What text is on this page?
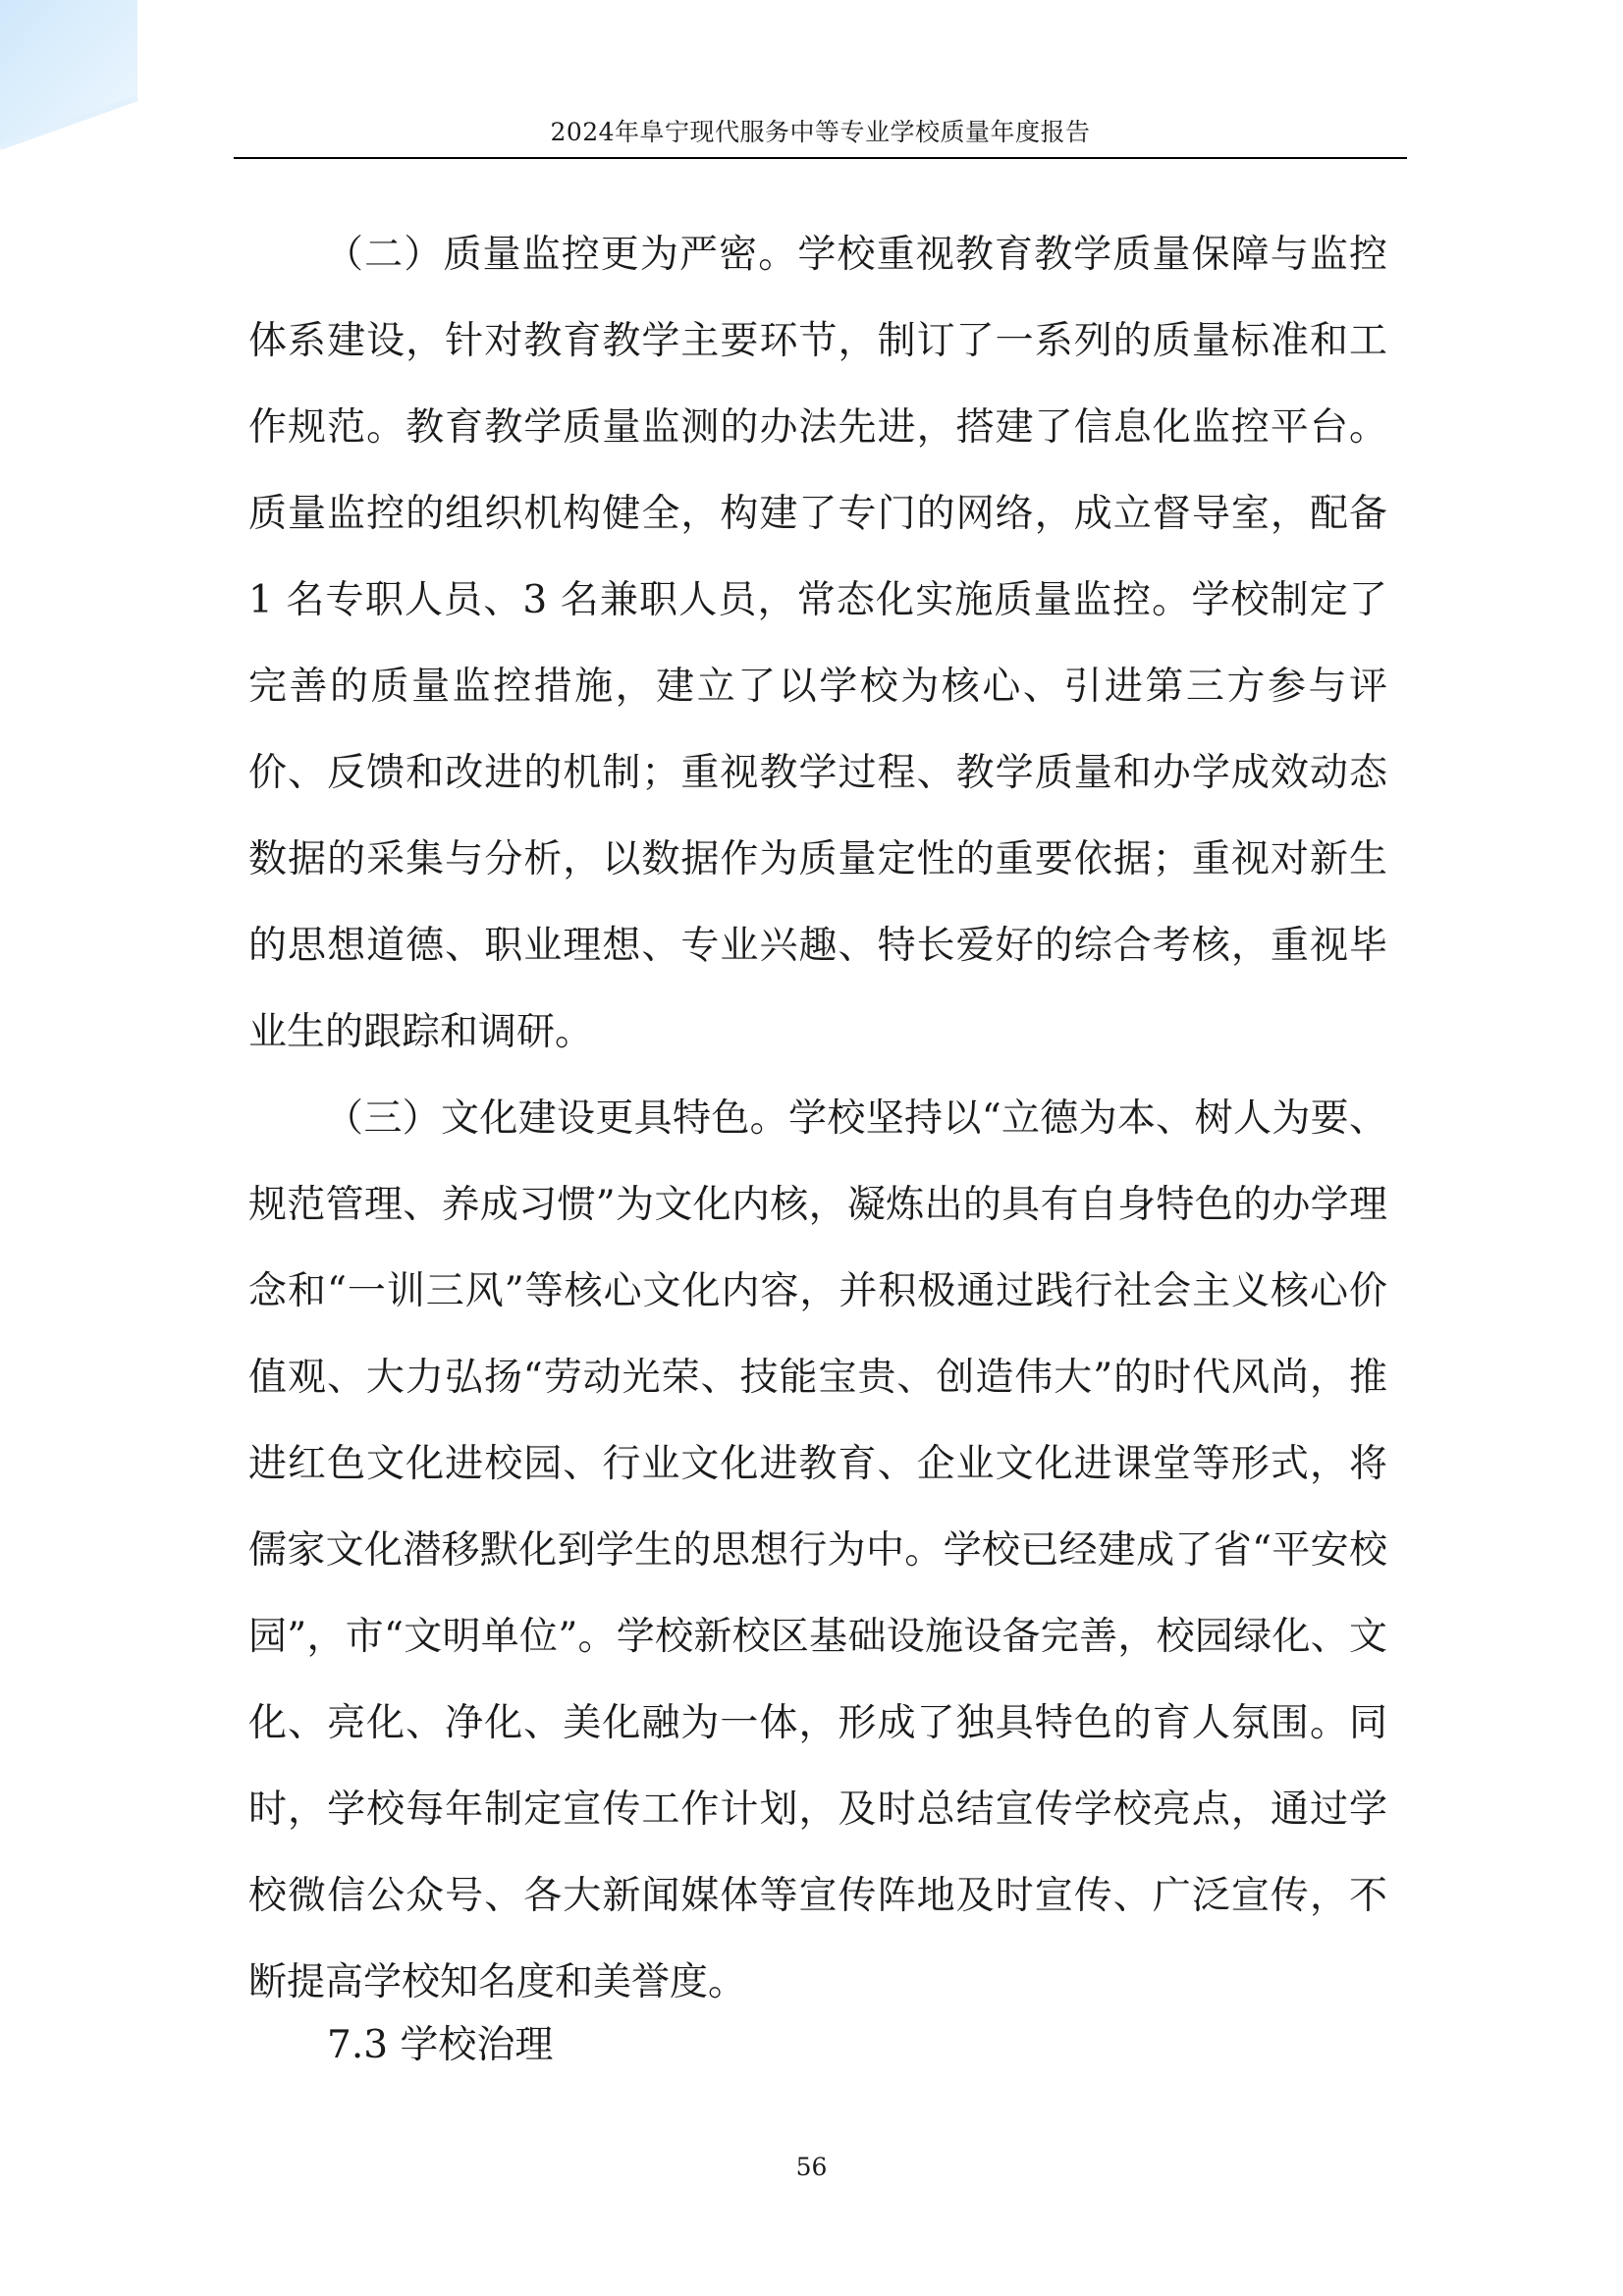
2024年阜宁现代服务中等专业学校质量年度报告

（二）质量监控更为严密。学校重视教育教学质量保障与监控体系建设，针对教育教学主要环节，制订了一系列的质量标准和工作规范。教育教学质量监测的办法先进，搭建了信息化监控平台。质量监控的组织机构健全，构建了专门的网络，成立督导室，配备 1 名专职人员、3 名兼职人员，常态化实施质量监控。学校制定了完善的质量监控措施，建立了以学校为核心、引进第三方参与评价、反馈和改进的机制；重视教学过程、教学质量和办学成效动态数据的采集与分析，以数据作为质量定性的重要依据；重视对新生的思想道德、职业理想、专业兴趣、特长爱好的综合考核，重视毕业生的跟踪和调研。

（三）文化建设更具特色。学校坚持以“立德为本、树人为要、规范管理、养成习惯”为文化内核，凝炼出的具有自身特色的办学理念和“一训三风”等核心文化内容，并积极通过践行社会主义核心价值观、大力弘扬“劳动光荣、技能宝贵、创造伟大”的时代风尚，推进红色文化进校园、行业文化进教育、企业文化进课堂等形式，将儒家文化潜移默化到学生的思想行为中。学校已经建成了省“平安校园”，市“文明单位”。学校新校区基础设施设备完善，校园绿化、文化、亮化、净化、美化融为一体，形成了独具特色的育人氛围。同时，学校每年制定宣传工作计划，及时总结宣传学校亮点，通过学校微信公众号、各大新闻媒体等宣传阵地及时宣传、广泛宣传，不断提高学校知名度和美誉度。

7.3 学校治理
56
